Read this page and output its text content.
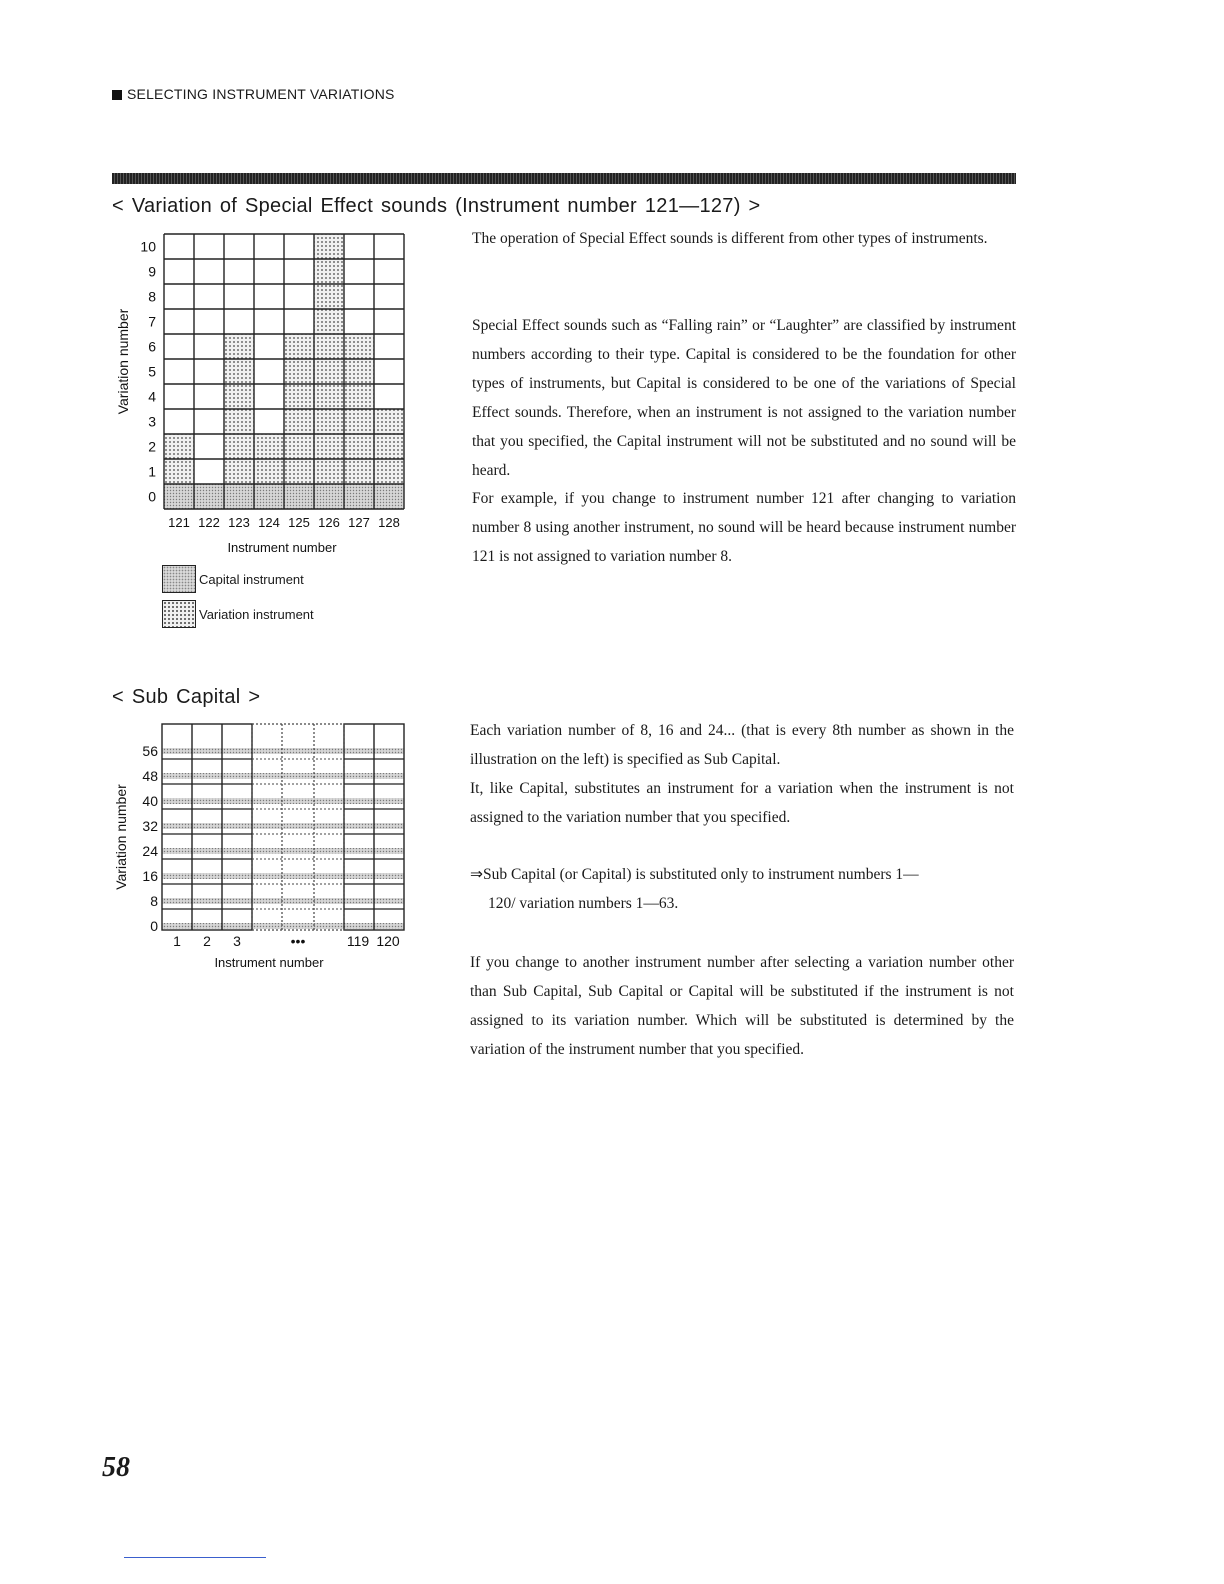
SELECTING INSTRUMENT VARIATIONS
< Variation of Special Effect sounds (Instrument number 121—127) >
0
1
2
3
4
5
6
7
8
9
10
121 122 123 124 125 126 127 128
Variation number
Instrument number
Capital instrument
Variation instrument

The operation of Special Effect sounds is different from other types of instruments.

Special Effect sounds such as “Falling rain” or “Laughter” are classified by instrument numbers according to their type. Capital is considered to be the foundation for other types of instruments, but Capital is considered to be one of the variations of Special Effect sounds. Therefore, when an instrument is not assigned to the variation number that you specified, the Capital instrument will not be substituted and no sound will be heard.

For example, if you change to instrument number 121 after changing to variation number 8 using another instrument, no sound will be heard because instrument number 121 is not assigned to variation number 8.

< Sub Capital >
0
8
16
24
32
40
48
56
1 2 3	•••	119 120
Variation number
Instrument number

Each variation number of 8, 16 and 24... (that is every 8th number as shown in the illustration on the left) is specified as Sub Capital.
It, like Capital, substitutes an instrument for a variation when the instrument is not assigned to the variation number that you specified.

⇒Sub Capital (or Capital) is substituted only to instrument numbers 1—
120/ variation numbers 1—63.

If you change to another instrument number after selecting a variation number other than Sub Capital, Sub Capital or Capital will be substituted if the instrument is not assigned to its variation number. Which will be substituted is determined by the variation of the instrument number that you specified.

58
